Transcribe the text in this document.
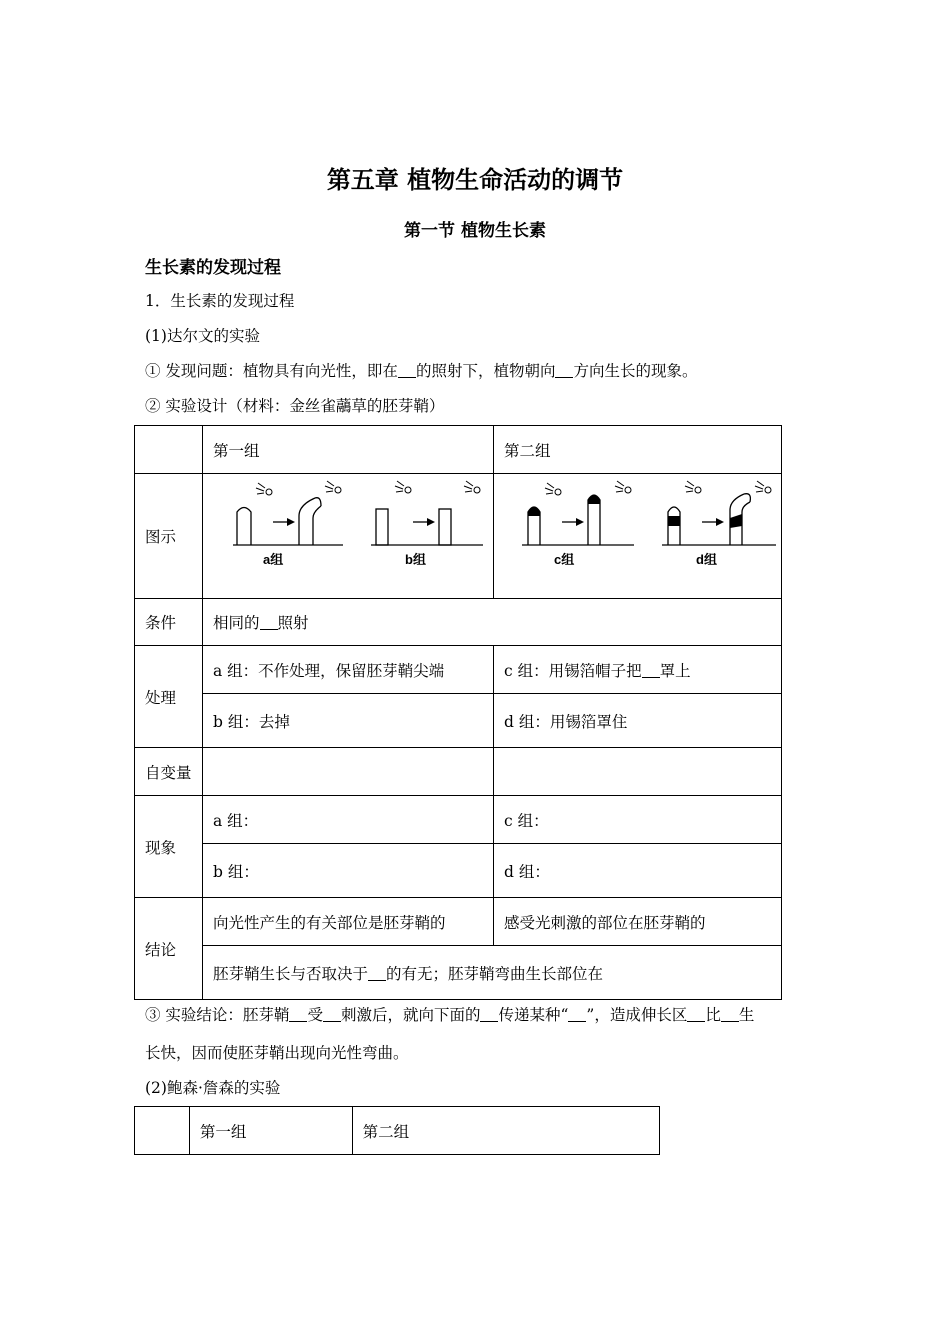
第五章 植物生命活动的调节
第一节 植物生长素
生长素的发现过程
1．生长素的发现过程
(1)达尔文的实验
① 发现问题：植物具有向光性，即在 的照射下，植物朝向 方向生长的现象。
② 实验设计（材料：金丝雀虉草的胚芽鞘）
	第一组	第二组
图示	a组 b组	c组 d组

条件	相同的 照射	
处理	a 组：不作处理，保留胚芽鞘尖端	c 组：用锡箔帽子把 罩上
	b 组：去掉	d 组：用锡箔罩住
自变量		
现象	a 组：	c 组：
	b 组：	d 组：
结论	向光性产生的有关部位是胚芽鞘的	感受光刺激的部位在胚芽鞘的
	胚芽鞘生长与否取决于 的有无；胚芽鞘弯曲生长部位在	
③ 实验结论：胚芽鞘 受 刺激后，就向下面的 传递某种“ ”，造成伸长区 比 生
长快，因而使胚芽鞘出现向光性弯曲。
(2)鲍森·詹森的实验
	第一组	第二组
